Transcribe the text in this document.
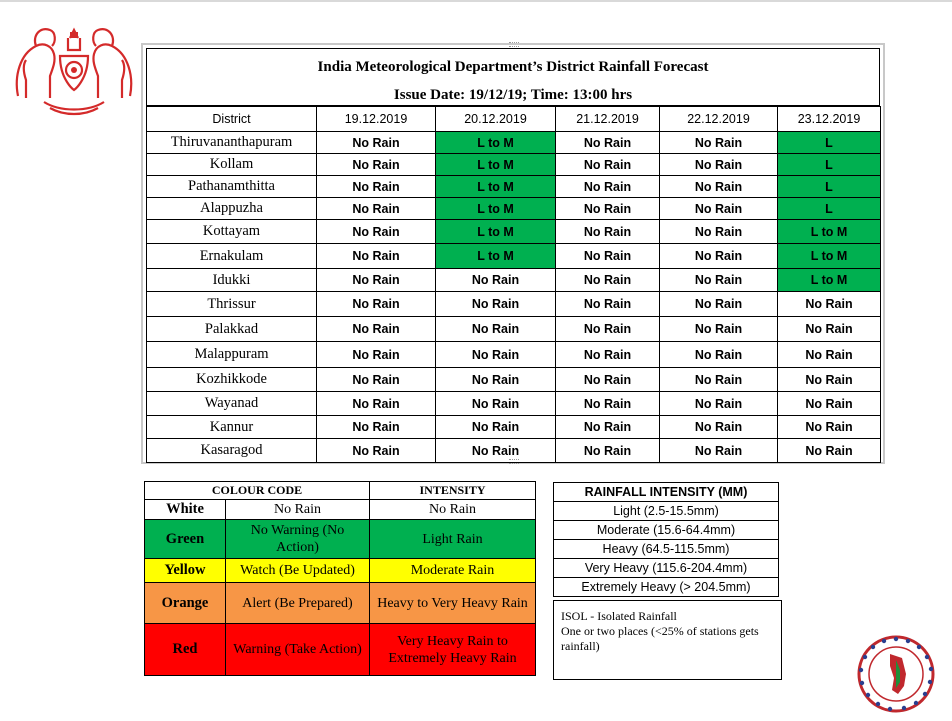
India Meteorological Department’s District Rainfall Forecast
Issue Date: 19/12/19; Time: 13:00 hrs
District	19.12.2019	20.12.2019	21.12.2019	22.12.2019	23.12.2019
Thiruvananthapuram	No Rain	L to M	No Rain	No Rain	L
Kollam	No Rain	L to M	No Rain	No Rain	L
Pathanamthitta	No Rain	L to M	No Rain	No Rain	L
Alappuzha	No Rain	L to M	No Rain	No Rain	L
Kottayam	No Rain	L to M	No Rain	No Rain	L to M
Ernakulam	No Rain	L to M	No Rain	No Rain	L to M
Idukki	No Rain	No Rain	No Rain	No Rain	L to M
Thrissur	No Rain	No Rain	No Rain	No Rain	No Rain
Palakkad	No Rain	No Rain	No Rain	No Rain	No Rain
Malappuram	No Rain	No Rain	No Rain	No Rain	No Rain
Kozhikkode	No Rain	No Rain	No Rain	No Rain	No Rain
Wayanad	No Rain	No Rain	No Rain	No Rain	No Rain
Kannur	No Rain	No Rain	No Rain	No Rain	No Rain
Kasaragod	No Rain	No Rain	No Rain	No Rain	No Rain
COLOUR CODE		INTENSITY
White	No Rain	No Rain
Green	No Warning (No Action)	Light Rain
Yellow	Watch (Be Updated)	Moderate Rain
Orange	Alert (Be Prepared)	Heavy to Very Heavy Rain
Red	Warning (Take Action)	Very Heavy Rain to Extremely Heavy Rain
RAINFALL INTENSITY (MM)
Light (2.5-15.5mm)
Moderate (15.6-64.4mm)
Heavy (64.5-115.5mm)
Very Heavy (115.6-204.4mm)
Extremely Heavy (> 204.5mm)
ISOL - Isolated Rainfall
One or two places (<25% of stations gets rainfall)
